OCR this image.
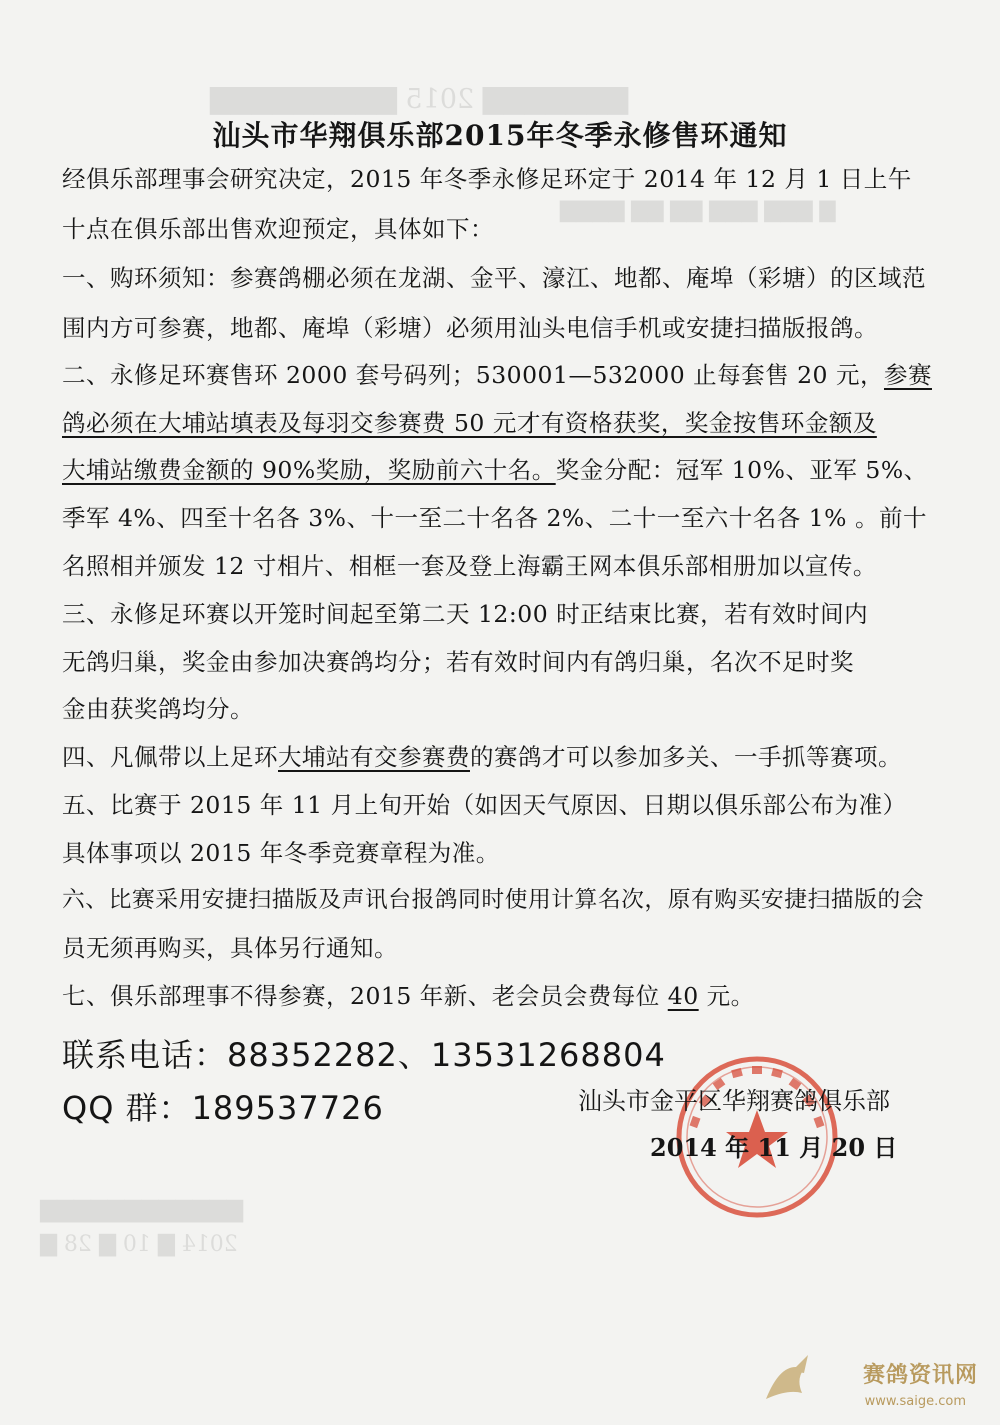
▇▇▇▇▇▇▇ 2015 ▇▇▇▇▇▇▇▇▇
▇ ▇▇▇ ▇▇▇ ▇▇ ▇▇ ▇▇▇▇
▇▇▇▇▇▇▇▇▇▇▇▇
2014 ▇ 10 ▇ 28 ▇
汕头市华翔俱乐部2015年冬季永修售环通知
经俱乐部理事会研究决定，2015 年冬季永修足环定于 2014 年 12 月 1 日上午
十点在俱乐部出售欢迎预定，具体如下：
一、购环须知：参赛鸽棚必须在龙湖、金平、濠江、地都、庵埠（彩塘）的区域范
围内方可参赛，地都、庵埠（彩塘）必须用汕头电信手机或安捷扫描版报鸽。
二、永修足环赛售环 2000 套号码列；530001—532000 止每套售 20 元，参赛
鸽必须在大埔站填表及每羽交参赛费 50 元才有资格获奖，奖金按售环金额及
大埔站缴费金额的 90%奖励，奖励前六十名。奖金分配：冠军 10%、亚军 5%、
季军 4%、四至十名各 3%、十一至二十名各 2%、二十一至六十名各 1% 。前十
名照相并颁发 12 寸相片、相框一套及登上海霸王网本俱乐部相册加以宣传。
三、永修足环赛以开笼时间起至第二天 12:00 时正结束比赛，若有效时间内
无鸽归巢，奖金由参加决赛鸽均分；若有效时间内有鸽归巢，名次不足时奖
金由获奖鸽均分。
四、凡佩带以上足环大埔站有交参赛费的赛鸽才可以参加多关、一手抓等赛项。
五、比赛于 2015 年 11 月上旬开始（如因天气原因、日期以俱乐部公布为准）
具体事项以 2015 年冬季竞赛章程为准。
六、比赛采用安捷扫描版及声讯台报鸽同时使用计算名次，原有购买安捷扫描版的会
员无须再购买，具体另行通知。
七、俱乐部理事不得参赛，2015 年新、老会员会费每位 40 元。
联系电话：88352282、13531268804
QQ 群：189537726	汕头市金平区华翔赛鸽俱乐部
2014 年 11 月 20 日
赛鸽资讯网
www.saige.com
